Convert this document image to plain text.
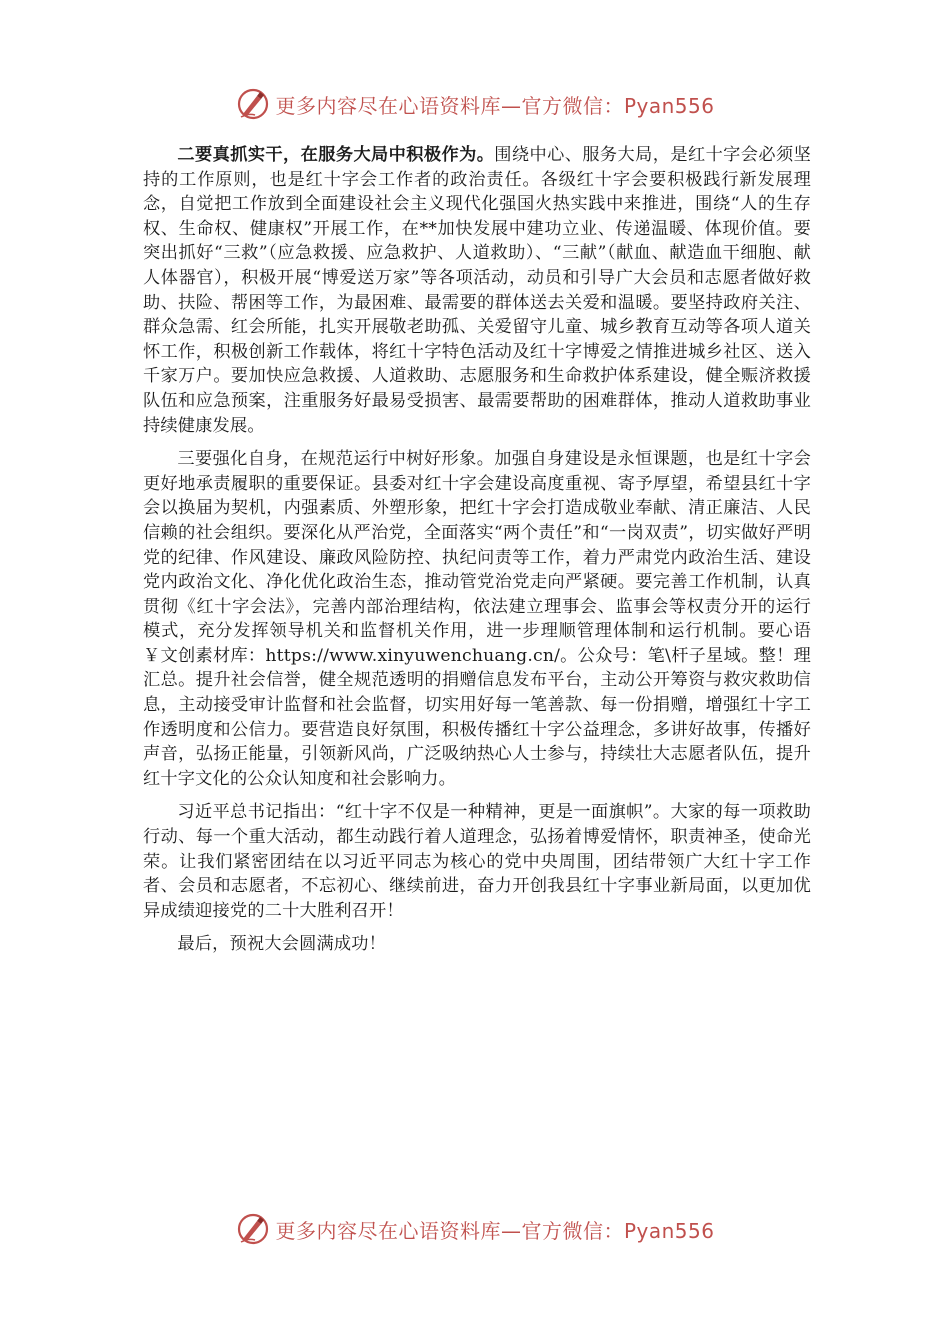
更多内容尽在心语资料库—官方微信：Pyan556

二要真抓实干，在服务大局中积极作为。围绕中心、服务大局，是红十字会必须坚持的工作原则，也是红十字会工作者的政治责任。各级红十字会要积极践行新发展理念，自觉把工作放到全面建设社会主义现代化强国火热实践中来推进，围绕“人的生存权、生命权、健康权”开展工作，在**加快发展中建功立业、传递温暖、体现价值。要突出抓好“三救”（应急救援、应急救护、人道救助）、“三献”（献血、献造血干细胞、献人体器官），积极开展“博爱送万家”等各项活动，动员和引导广大会员和志愿者做好救助、扶险、帮困等工作，为最困难、最需要的群体送去关爱和温暖。要坚持政府关注、群众急需、红会所能，扎实开展敬老助孤、关爱留守儿童、城乡教育互动等各项人道关怀工作，积极创新工作载体，将红十字特色活动及红十字博爱之情推进城乡社区、送入千家万户。要加快应急救援、人道救助、志愿服务和生命救护体系建设，健全赈济救援队伍和应急预案，注重服务好最易受损害、最需要帮助的困难群体，推动人道救助事业持续健康发展。

三要强化自身，在规范运行中树好形象。加强自身建设是永恒课题，也是红十字会更好地承责履职的重要保证。县委对红十字会建设高度重视、寄予厚望，希望县红十字会以换届为契机，内强素质、外塑形象，把红十字会打造成敬业奉献、清正廉洁、人民信赖的社会组织。要深化从严治党，全面落实“两个责任”和“一岗双责”，切实做好严明党的纪律、作风建设、廉政风险防控、执纪问责等工作，着力严肃党内政治生活、建设党内政治文化、净化优化政治生态，推动管党治党走向严紧硬。要完善工作机制，认真贯彻《红十字会法》，完善内部治理结构，依法建立理事会、监事会等权责分开的运行模式，充分发挥领导机关和监督机关作用，进一步理顺管理体制和运行机制。要心语￥文创素材库：https://www.xinyuwenchuang.cn/。公众号：笔\杆子星域。整！理汇总。提升社会信誉，健全规范透明的捐赠信息发布平台，主动公开筹资与救灾救助信息，主动接受审计监督和社会监督，切实用好每一笔善款、每一份捐赠，增强红十字工作透明度和公信力。要营造良好氛围，积极传播红十字公益理念，多讲好故事，传播好声音，弘扬正能量，引领新风尚，广泛吸纳热心人士参与，持续壮大志愿者队伍，提升红十字文化的公众认知度和社会影响力。

习近平总书记指出：“红十字不仅是一种精神，更是一面旗帜”。大家的每一项救助行动、每一个重大活动，都生动践行着人道理念，弘扬着博爱情怀，职责神圣，使命光荣。让我们紧密团结在以习近平同志为核心的党中央周围，团结带领广大红十字工作者、会员和志愿者，不忘初心、继续前进，奋力开创我县红十字事业新局面，以更加优异成绩迎接党的二十大胜利召开！

最后，预祝大会圆满成功！

更多内容尽在心语资料库—官方微信：Pyan556
